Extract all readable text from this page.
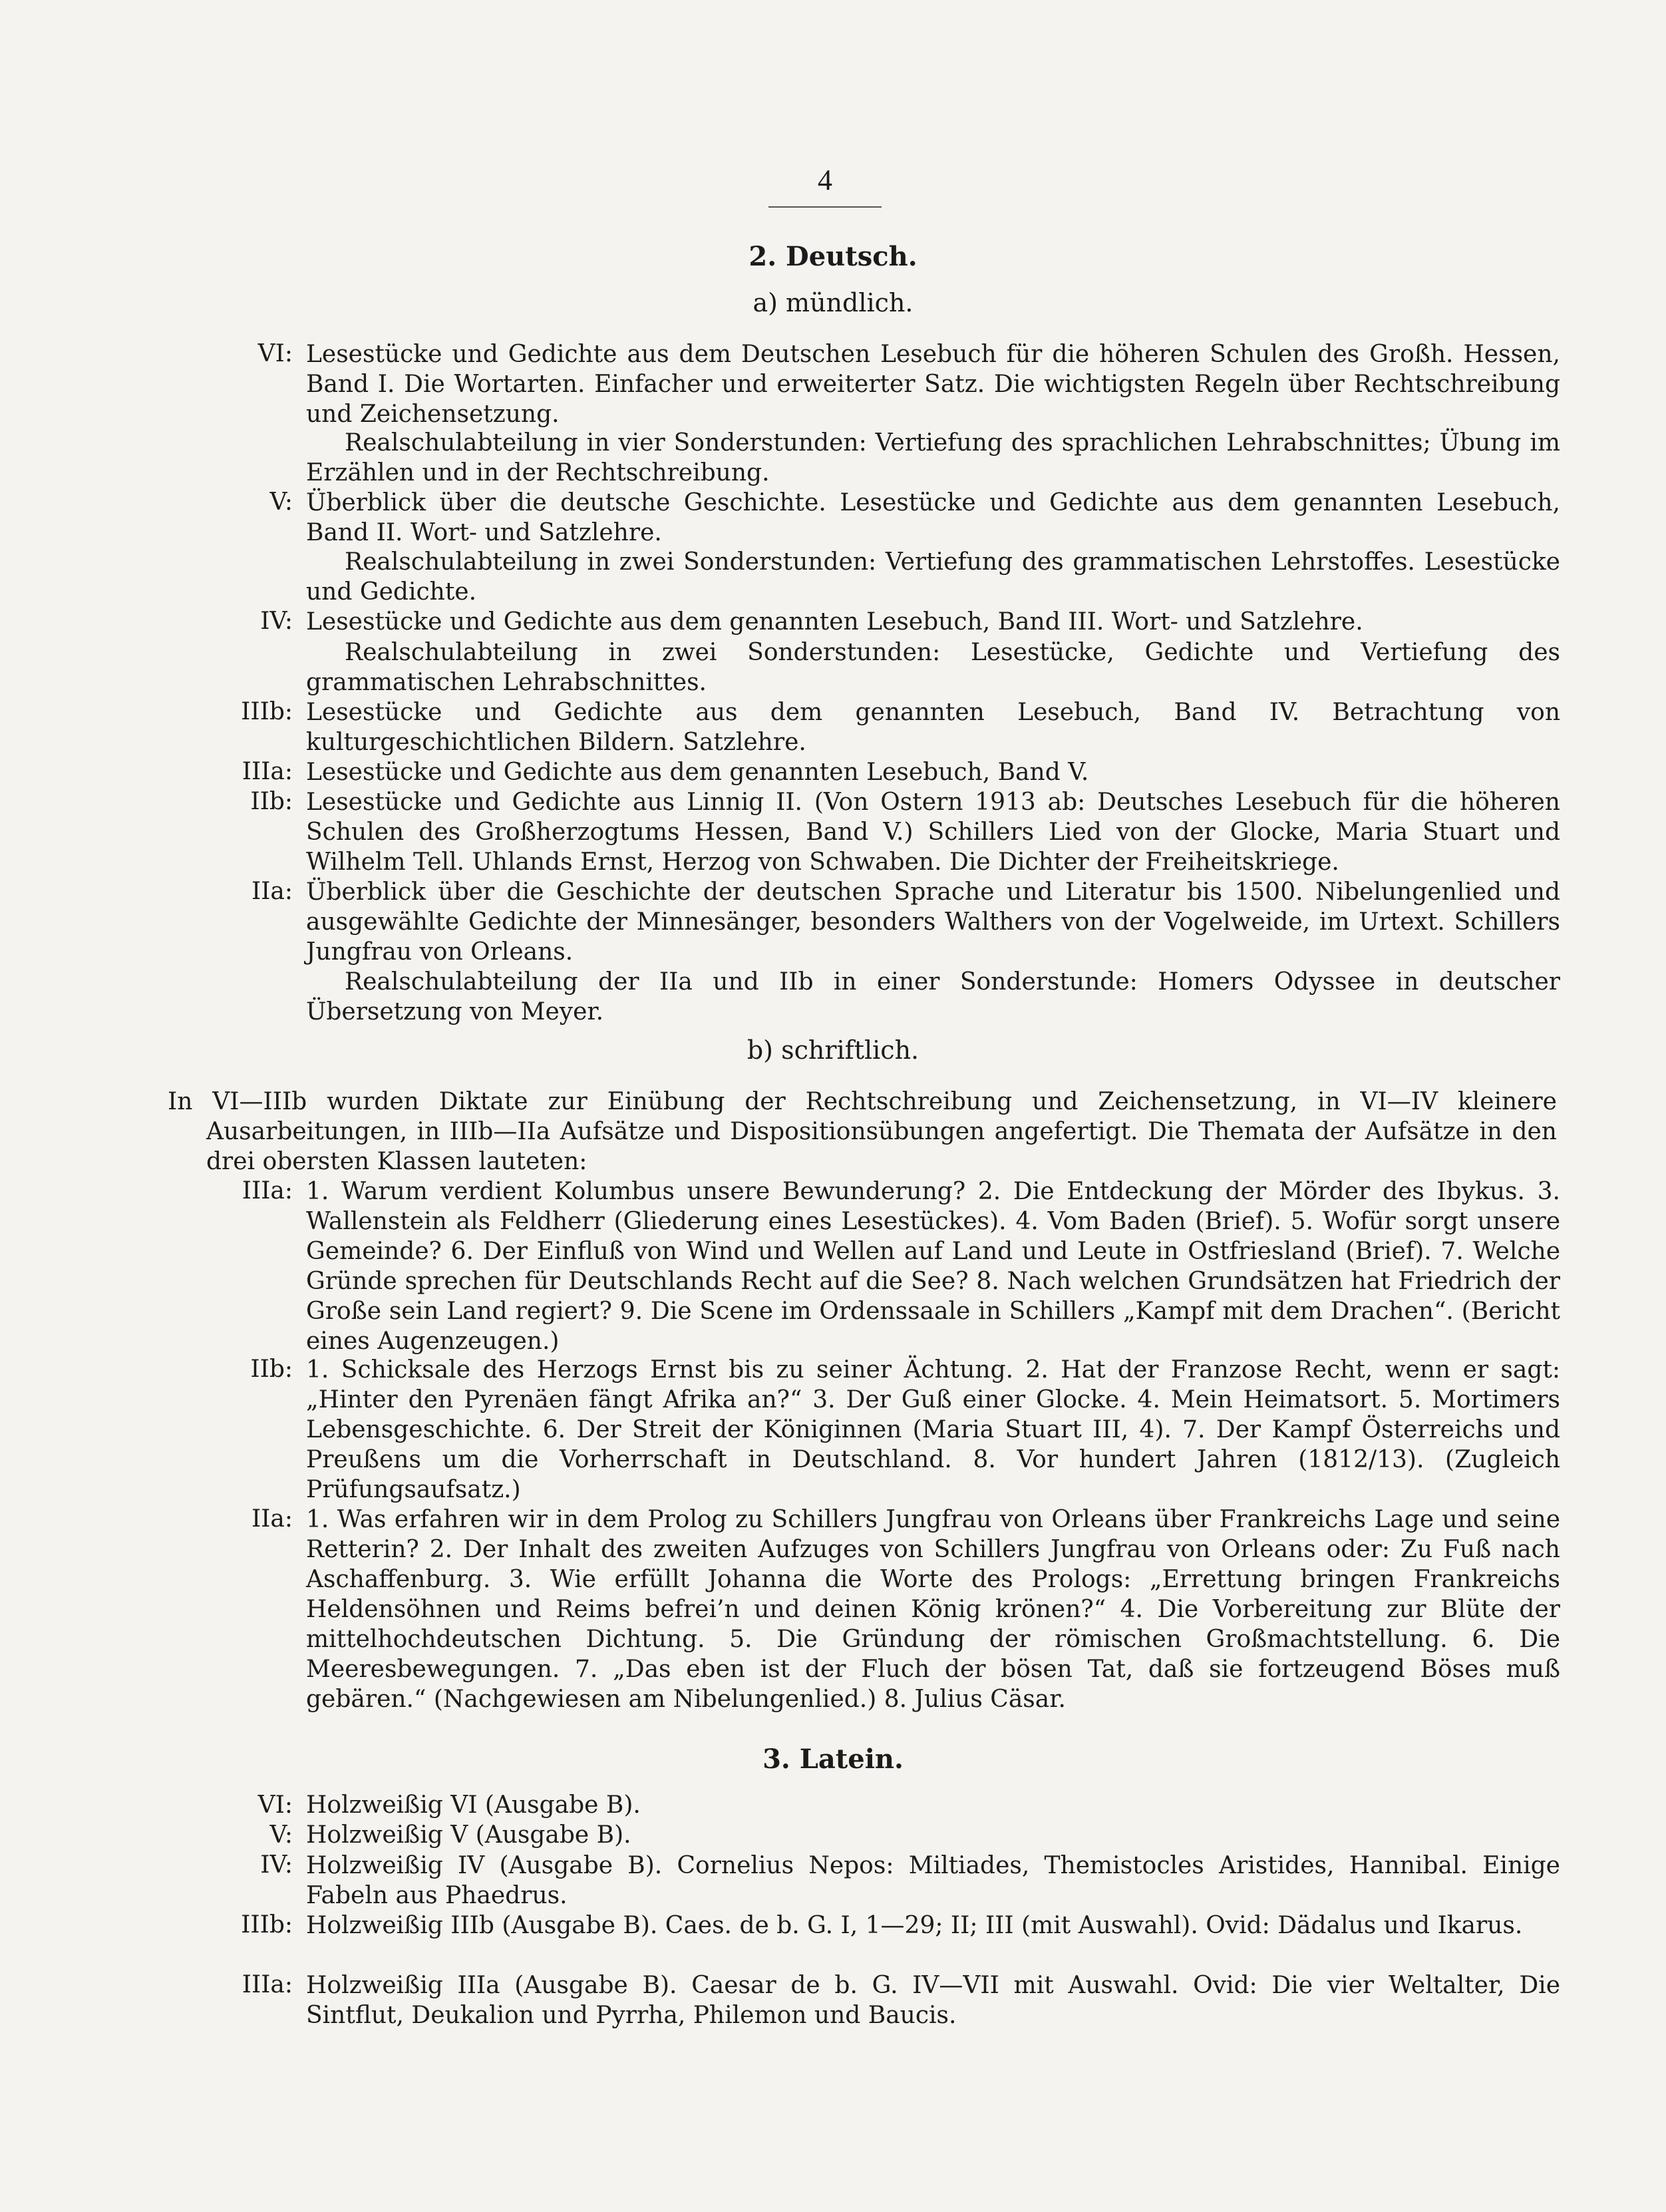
4
2. Deutsch.
a) mündlich.
VI: Lesestücke und Gedichte aus dem Deutschen Lesebuch für die höheren Schulen des Großh. Hessen, Band I. Die Wortarten. Einfacher und erweiterter Satz. Die wichtigsten Regeln über Rechtschreibung und Zeichensetzung.

Realschulabteilung in vier Sonderstunden: Vertiefung des sprachlichen Lehrabschnittes; Übung im Erzählen und in der Rechtschreibung.

V: Überblick über die deutsche Geschichte. Lesestücke und Gedichte aus dem genannten Lesebuch, Band II. Wort- und Satzlehre.

Realschulabteilung in zwei Sonderstunden: Vertiefung des grammatischen Lehrstoffes. Lesestücke und Gedichte.

IV: Lesestücke und Gedichte aus dem genannten Lesebuch, Band III. Wort- und Satzlehre.

Realschulabteilung in zwei Sonderstunden: Lesestücke, Gedichte und Vertiefung des grammatischen Lehrabschnittes.

IIIb: Lesestücke und Gedichte aus dem genannten Lesebuch, Band IV. Betrachtung von kulturgeschichtlichen Bildern. Satzlehre.

IIIa: Lesestücke und Gedichte aus dem genannten Lesebuch, Band V.

IIb: Lesestücke und Gedichte aus Linnig II. (Von Ostern 1913 ab: Deutsches Lesebuch für die höheren Schulen des Großherzogtums Hessen, Band V.) Schillers Lied von der Glocke, Maria Stuart und Wilhelm Tell. Uhlands Ernst, Herzog von Schwaben. Die Dichter der Freiheitskriege.

IIa: Überblick über die Geschichte der deutschen Sprache und Literatur bis 1500. Nibelungenlied und ausgewählte Gedichte der Minnesänger, besonders Walthers von der Vogelweide, im Urtext. Schillers Jungfrau von Orleans.

Realschulabteilung der IIa und IIb in einer Sonderstunde: Homers Odyssee in deutscher Übersetzung von Meyer.

b) schriftlich.

In VI—IIIb wurden Diktate zur Einübung der Rechtschreibung und Zeichensetzung, in VI—IV kleinere Ausarbeitungen, in IIIb—IIa Aufsätze und Dispositionsübungen angefertigt. Die Themata der Aufsätze in den drei obersten Klassen lauteten:

IIIa: 1. Warum verdient Kolumbus unsere Bewunderung? 2. Die Entdeckung der Mörder des Ibykus. 3. Wallenstein als Feldherr (Gliederung eines Lesestückes). 4. Vom Baden (Brief). 5. Wofür sorgt unsere Gemeinde? 6. Der Einfluß von Wind und Wellen auf Land und Leute in Ostfriesland (Brief). 7. Welche Gründe sprechen für Deutschlands Recht auf die See? 8. Nach welchen Grundsätzen hat Friedrich der Große sein Land regiert? 9. Die Scene im Ordenssaale in Schillers „Kampf mit dem Drachen“. (Bericht eines Augenzeugen.)

IIb: 1. Schicksale des Herzogs Ernst bis zu seiner Ächtung. 2. Hat der Franzose Recht, wenn er sagt: „Hinter den Pyrenäen fängt Afrika an?“ 3. Der Guß einer Glocke. 4. Mein Heimatsort. 5. Mortimers Lebensgeschichte. 6. Der Streit der Königinnen (Maria Stuart III, 4). 7. Der Kampf Österreichs und Preußens um die Vorherrschaft in Deutschland. 8. Vor hundert Jahren (1812/13). (Zugleich Prüfungsaufsatz.)

IIa: 1. Was erfahren wir in dem Prolog zu Schillers Jungfrau von Orleans über Frankreichs Lage und seine Retterin? 2. Der Inhalt des zweiten Aufzuges von Schillers Jungfrau von Orleans oder: Zu Fuß nach Aschaffenburg. 3. Wie erfüllt Johanna die Worte des Prologs: „Errettung bringen Frankreichs Heldensöhnen und Reims befrei’n und deinen König krönen?“ 4. Die Vorbereitung zur Blüte der mittelhochdeutschen Dichtung. 5. Die Gründung der römischen Großmachtstellung. 6. Die Meeresbewegungen. 7. „Das eben ist der Fluch der bösen Tat, daß sie fortzeugend Böses muß gebären.“ (Nachgewiesen am Nibelungenlied.) 8. Julius Cäsar.

3. Latein.
VI: Holzweißig VI (Ausgabe B).
V: Holzweißig V (Ausgabe B).
IV: Holzweißig IV (Ausgabe B). Cornelius Nepos: Miltiades, Themistocles Aristides, Hannibal. Einige Fabeln aus Phaedrus.

IIIb: Holzweißig IIIb (Ausgabe B). Caes. de b. G. I, 1—29; II; III (mit Auswahl). Ovid: Dädalus und Ikarus.

IIIa: Holzweißig IIIa (Ausgabe B). Caesar de b. G. IV—VII mit Auswahl. Ovid: Die vier Weltalter, Die Sintflut, Deukalion und Pyrrha, Philemon und Baucis.
